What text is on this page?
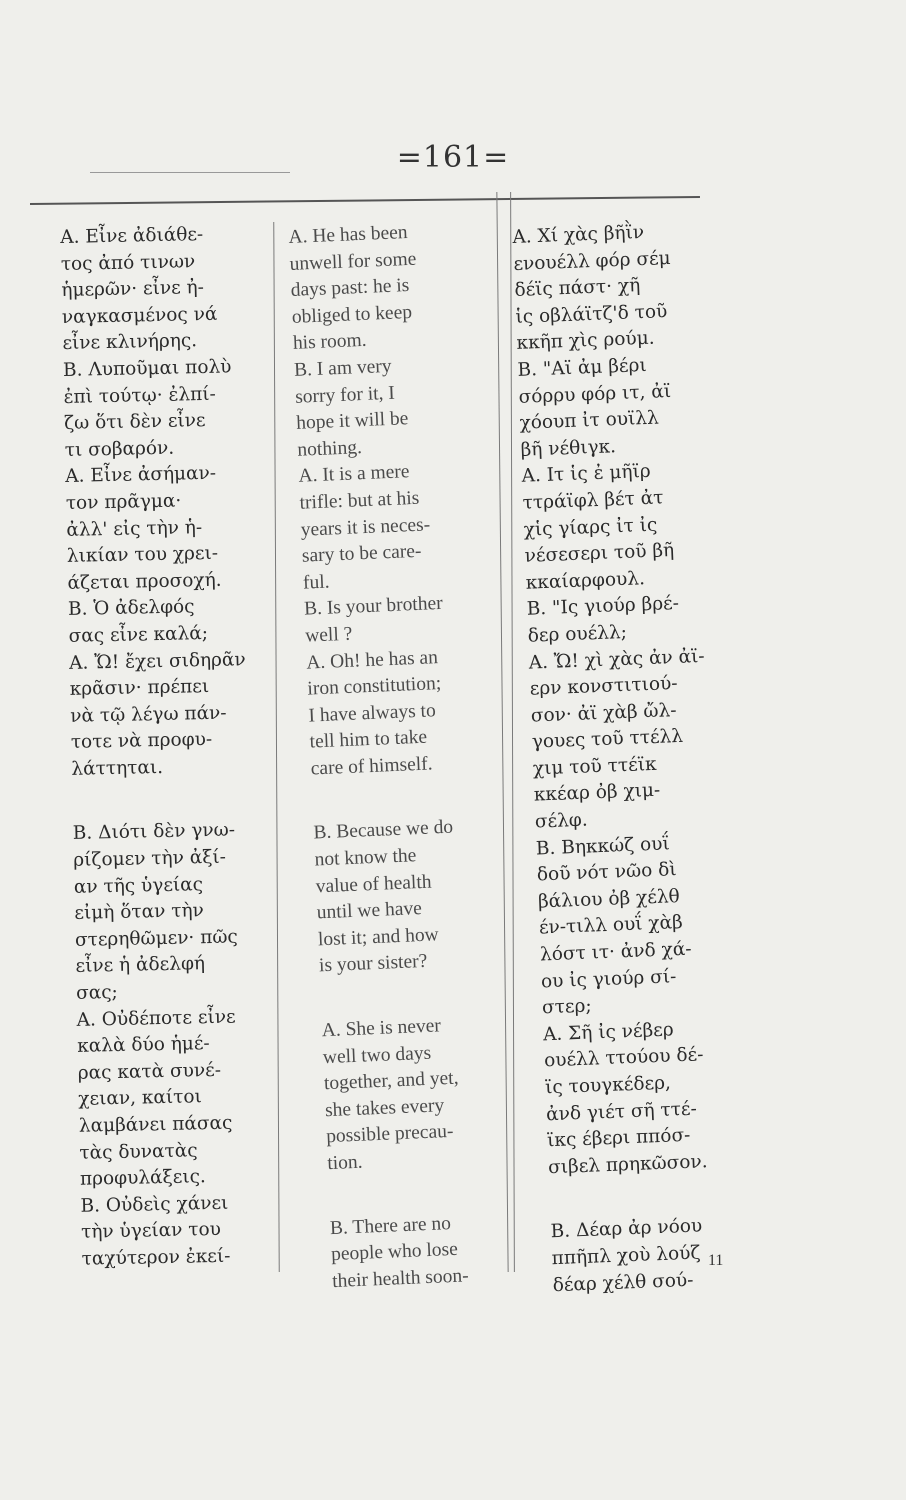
=161=
A. Εἶνε ἀδιάθε-
τος ἀπό τινων
ἡμερῶν· εἶνε ἠ-
ναγκασμένος νά
εἶνε κλινήρης.
B. Λυποῦμαι πολὺ
ἐπὶ τούτῳ· ἐλπί-
ζω ὅτι δὲν εἶνε
τι σοβαρόν.
A. Εἶνε ἀσήμαν-
τον πρᾶγμα·
ἀλλ' εἰς τὴν ἡ-
λικίαν του χρει-
άζεται προσοχή.
B. Ὁ ἀδελφός
σας εἶνε καλά;
A. Ὤ! ἔχει σιδηρᾶν
κρᾶσιν· πρέπει
νὰ τῷ λέγω πάν-
τοτε νὰ προφυ-
λάττηται.
B. Διότι δὲν γνω-
ρίζομεν τὴν ἀξί-
αν τῆς ὑγείας
εἰμὴ ὅταν τὴν
στερηθῶμεν· πῶς
εἶνε ἡ ἀδελφή
σας;
A. Οὐδέποτε εἶνε
καλὰ δύο ἡμέ-
ρας κατὰ συνέ-
χειαν, καίτοι
λαμβάνει πάσας
τὰς δυνατὰς
προφυλάξεις.
B. Οὐδεὶς χάνει
τὴν ὑγείαν του
ταχύτερον ἐκεί-
A. He has been
unwell for some
days past: he is
obliged to keep
his room.
B. I am very
sorry for it, I
hope it will be
nothing.
A. It is a mere
trifle: but at his
years it is neces-
sary to be care-
ful.
B. Is your brother
well ?
A. Oh! he has an
iron constitution;
I have always to
tell him to take
care of himself.
B. Because we do
not know the
value of health
until we have
lost it; and how
is your sister?
A. She is never
well two days
together, and yet,
she takes every
possible precau-
tion.
B. There are no
people who lose
their health soon-
A. Χί χὰς βῆῒν
ενουέλλ φόρ σέμ
δέϊς πάστ· χῆ
ἱς οβλάϊτζ'δ τοῦ
κκῆπ χὶς ρούμ.
B. "Αϊ ἀμ βέρι
σόρρυ φόρ ιτ, ἀϊ
χόουπ ἰτ ουϊλλ
βῆ νέθιγκ.
A. Ιτ ἱς ἐ μῆϊρ
ττράϊφλ βέτ ἀτ
χἱς γίαρς ἰτ ἰς
νέσεσερι τοῦ βῆ
κκαίαρφουλ.
B. "Ις γιούρ βρέ-
δερ ουέλλ;
A. Ὤ! χὶ χὰς ἀν ἀϊ-
ερν κονστιτιού-
σον· ἀϊ χὰβ ὤλ-
γουες τοῦ ττέλλ
χιμ τοῦ ττέϊκ
κκέαρ ὀβ χιμ-
σέλφ.
B. Βηκκώζ ουΐ
δοῦ νότ νῶο δὶ
βάλιου ὀβ χέλθ
έν-τιλλ ουΐ χὰβ
λόστ ιτ· ἀνδ χά-
ου ἰς γιούρ σί-
στερ;
A. Σῆ ἰς νέβερ
ουέλλ ττούου δέ-
ϊς τουγκέδερ,
ἀνδ γιέτ σῆ ττέ-
ϊκς έβερι ππόσ-
σιβελ πρηκῶσον.
B. Δέαρ ἀρ νόου
ππῆπλ χοὺ λούζ
δέαρ χέλθ σού-
11
